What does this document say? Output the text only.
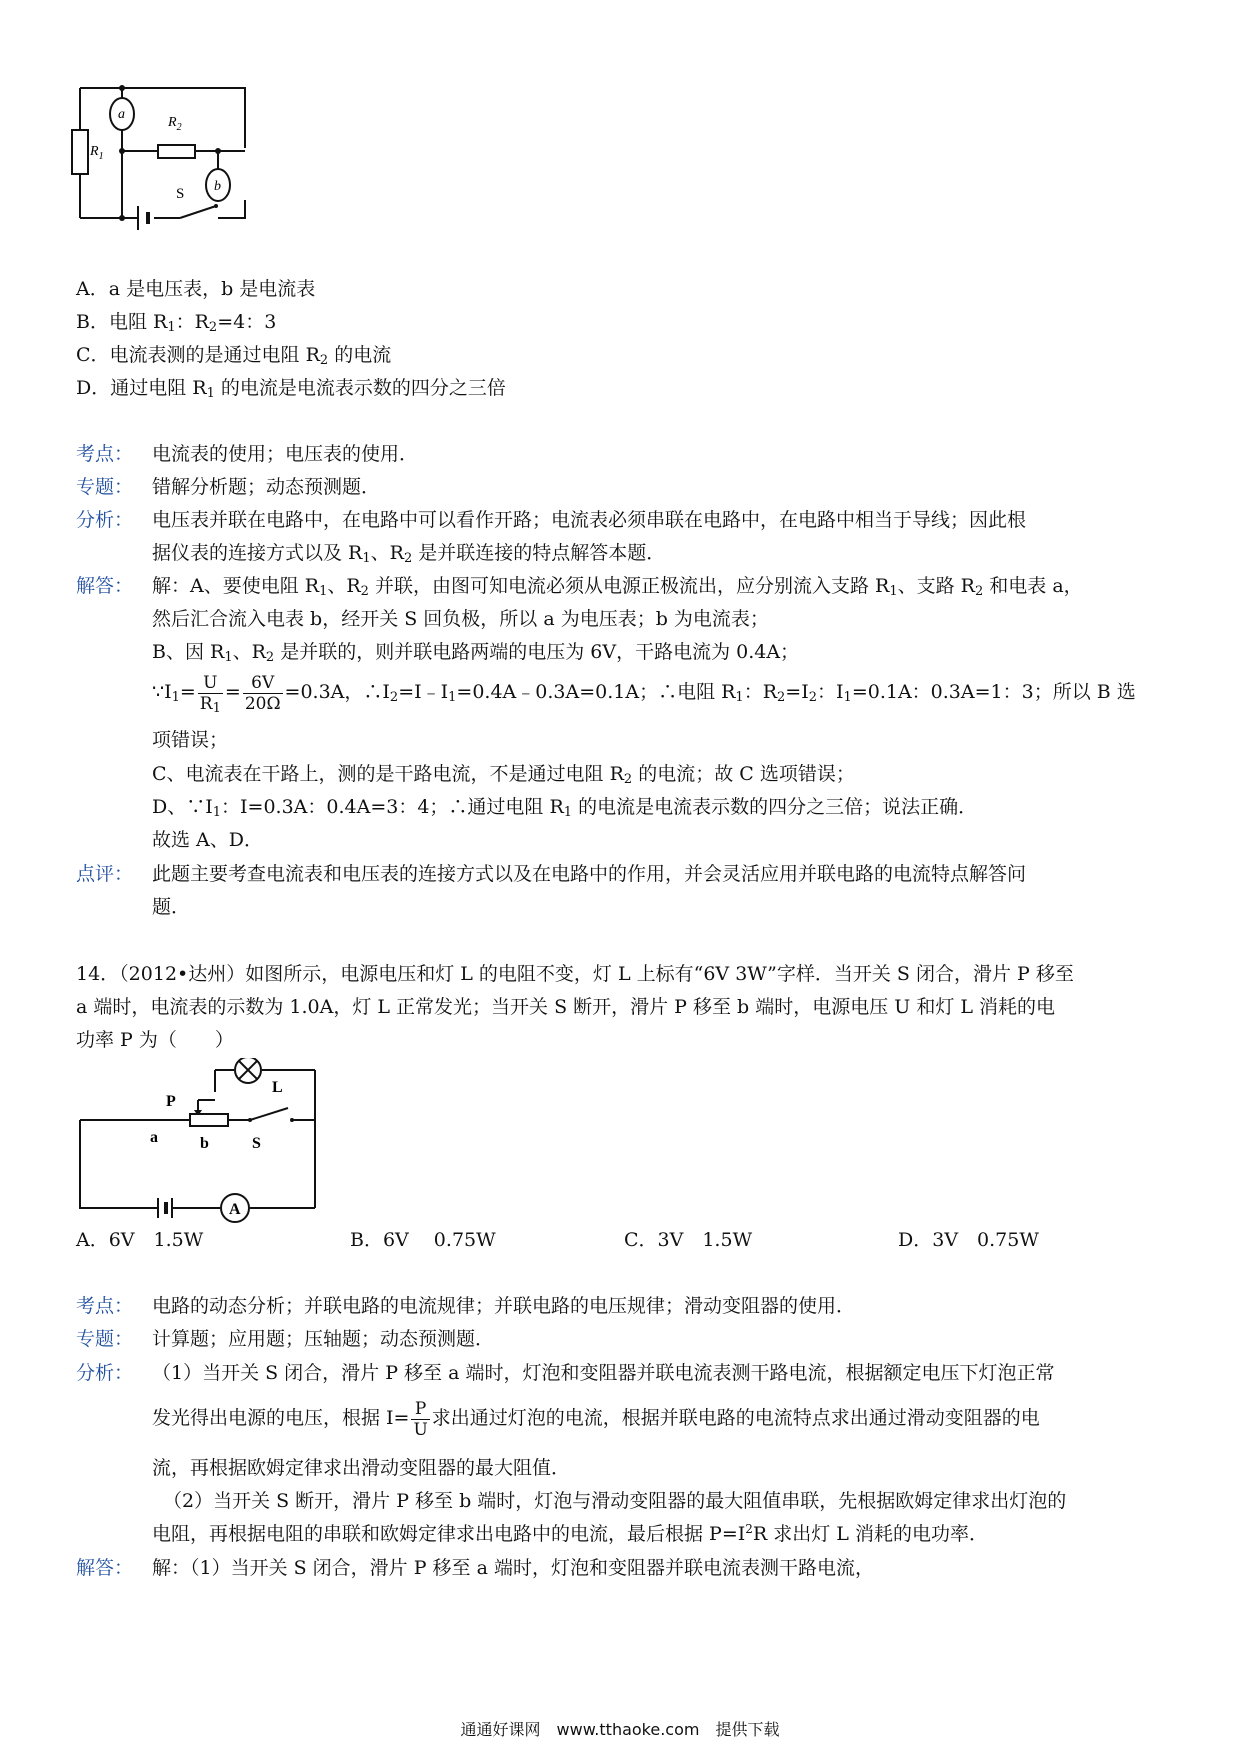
a
b
$R_1$
$R_2$
S
A．a 是电压表，b 是电流表
B．电阻 $R_1$：$R_2=4$：3
C．电流表测的是通过电阻 $R_2$ 的电流
D．通过电阻 $R_1$ 的电流是电流表示数的四分之三倍
考点： 电流表的使用；电压表的使用．
专题： 错解分析题；动态预测题．
分析： 电压表并联在电路中，在电路中可以看作开路；电流表必须串联在电路中，在电路中相当于导线；因此根
据仪表的连接方式以及 $R_1$、$R_2$ 是并联连接的特点解答本题．
解答： 解：A、要使电阻 $R_1$、$R_2$ 并联，由图可知电流必须从电源正极流出，应分别流入支路 $R_1$、支路 $R_2$ 和电表 a，
然后汇合流入电表 b，经开关 S 回负极，所以 a 为电压表；b 为电流表；
B、因 $R_1$、$R_2$ 是并联的，则并联电路两端的电压为 6V，干路电流为 0.4A；
$\because I_1= \frac{U}{R_1} = \frac{6V}{20\Omega} =0.3A$，$\therefore I_2=I﹣I_1=0.4A﹣0.3A=0.1A$；∴电阻 $R_1$：$R_2=I_2$：$I_1=0.1A$：0.3A=1：3；所以 B 选
项错误；
C、电流表在干路上，测的是干路电流，不是通过电阻 $R_2$ 的电流；故 C 选项错误；
D、$\because I_1$：I=0.3A：0.4A=3：4；∴通过电阻 $R_1$ 的电流是电流表示数的四分之三倍；说法正确．
故选 A、D．
点评： 此题主要考查电流表和电压表的连接方式以及在电路中的作用，并会灵活应用并联电路的电流特点解答问
题．
14．（2012•达州）如图所示，电源电压和灯 L 的电阻不变，灯 L 上标有“6V 3W”字样．当开关 S 闭合，滑片 P 移至
a 端时，电流表的示数为 1.0A，灯 L 正常发光；当开关 S 断开，滑片 P 移至 b 端时，电源电压 U 和灯 L 消耗的电
功率 P 为（　　）
P
L
a	b	S
A
A．6V　1.5W	B．6V　 0.75W	C．3V　1.5W	D．3V　0.75W
考点： 电路的动态分析；并联电路的电流规律；并联电路的电压规律；滑动变阻器的使用．
专题： 计算题；应用题；压轴题；动态预测题．
分析： （1）当开关 S 闭合，滑片 P 移至 a 端时，灯泡和变阻器并联电流表测干路电流，根据额定电压下灯泡正常
发光得出电源的电压，根据 $I= \frac{P}{U}$ 求出通过灯泡的电流，根据并联电路的电流特点求出通过滑动变阻器的电
流，再根据欧姆定律求出滑动变阻器的最大阻值．
（2）当开关 S 断开，滑片 P 移至 b 端时，灯泡与滑动变阻器的最大阻值串联，先根据欧姆定律求出灯泡的
电阻，再根据电阻的串联和欧姆定律求出电路中的电流，最后根据 $P=I^2R$ 求出灯 L 消耗的电功率．
解答： 解：（1）当开关 S 闭合，滑片 P 移至 a 端时，灯泡和变阻器并联电流表测干路电流，
通通好课网　www.tthaoke.com　提供下载
